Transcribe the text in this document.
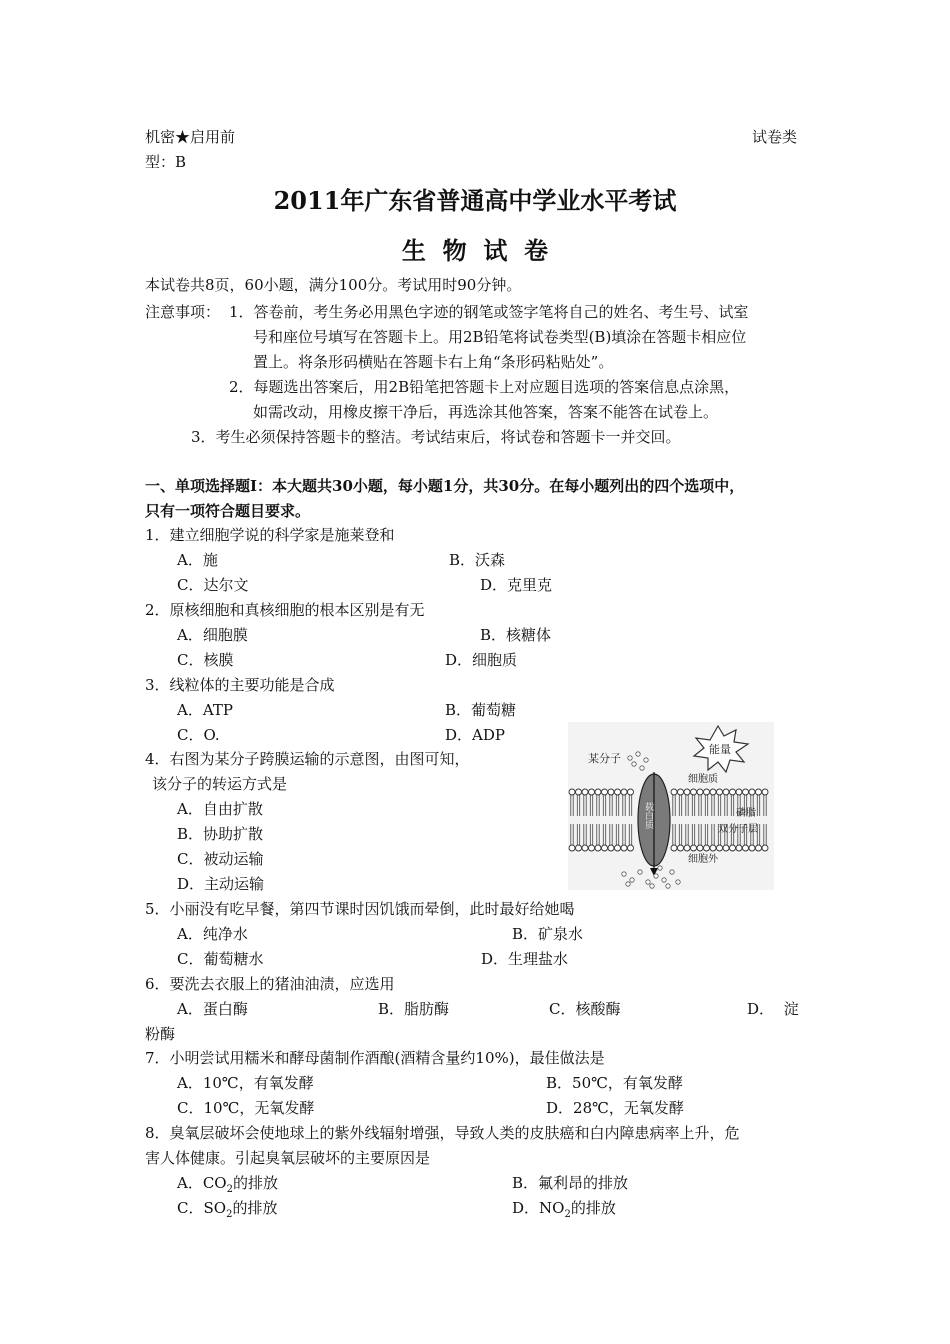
机密★启用前	试卷类
型：B
2011年广东省普通高中学业水平考试
生  物  试  卷
本试卷共8页，60小题，满分100分。考试用时90分钟。
注意事项： 1．答卷前，考生务必用黑色字迹的钢笔或签字笔将自己的姓名、考生号、试室
号和座位号填写在答题卡上。用2B铅笔将试卷类型(B)填涂在答题卡相应位
置上。将条形码横贴在答题卡右上角“条形码粘贴处”。
2．每题选出答案后，用2B铅笔把答题卡上对应题目选项的答案信息点涂黑，
如需改动，用橡皮擦干净后，再选涂其他答案，答案不能答在试卷上。
3．考生必须保持答题卡的整洁。考试结束后，将试卷和答题卡一并交回。
一、单项选择题Ⅰ：本大题共30小题，每小题1分，共30分。在每小题列出的四个选项中，
只有一项符合题目要求。
1．建立细胞学说的科学家是施莱登和
A．施	B．沃森
C．达尔文	D．克里克
2．原核细胞和真核细胞的根本区别是有无
A．细胞膜	B．核糖体
C．核膜	D．细胞质
3．线粒体的主要功能是合成
A．ATP	B．葡萄糖
C．O.	D．ADP
4．右图为某分子跨膜运输的示意图，由图可知，
该分子的转运方式是
A．自由扩散
B．协助扩散
C．被动运输
D．主动运输
某分子
能量
细胞质
磷脂
双分子层
细胞外
载白质
5．小丽没有吃早餐，第四节课时因饥饿而晕倒，此时最好给她喝
A．纯净水	B．矿泉水
C．葡萄糖水	D．生理盐水
6．要洗去衣服上的猪油油渍，应选用
A．蛋白酶	B．脂肪酶	C．核酸酶	D．  淀
粉酶
7．小明尝试用糯米和酵母菌制作酒酿(酒精含量约10%)，最佳做法是
A．10℃，有氧发酵	B．50℃，有氧发酵
C．10℃，无氧发酵	D．28℃，无氧发酵
8．臭氧层破坏会使地球上的紫外线辐射增强，导致人类的皮肤癌和白内障患病率上升，危
害人体健康。引起臭氧层破坏的主要原因是
A．$CO_2$的排放	B．氟利昂的排放
C．$SO_2$的排放	D．$NO_2$的排放
